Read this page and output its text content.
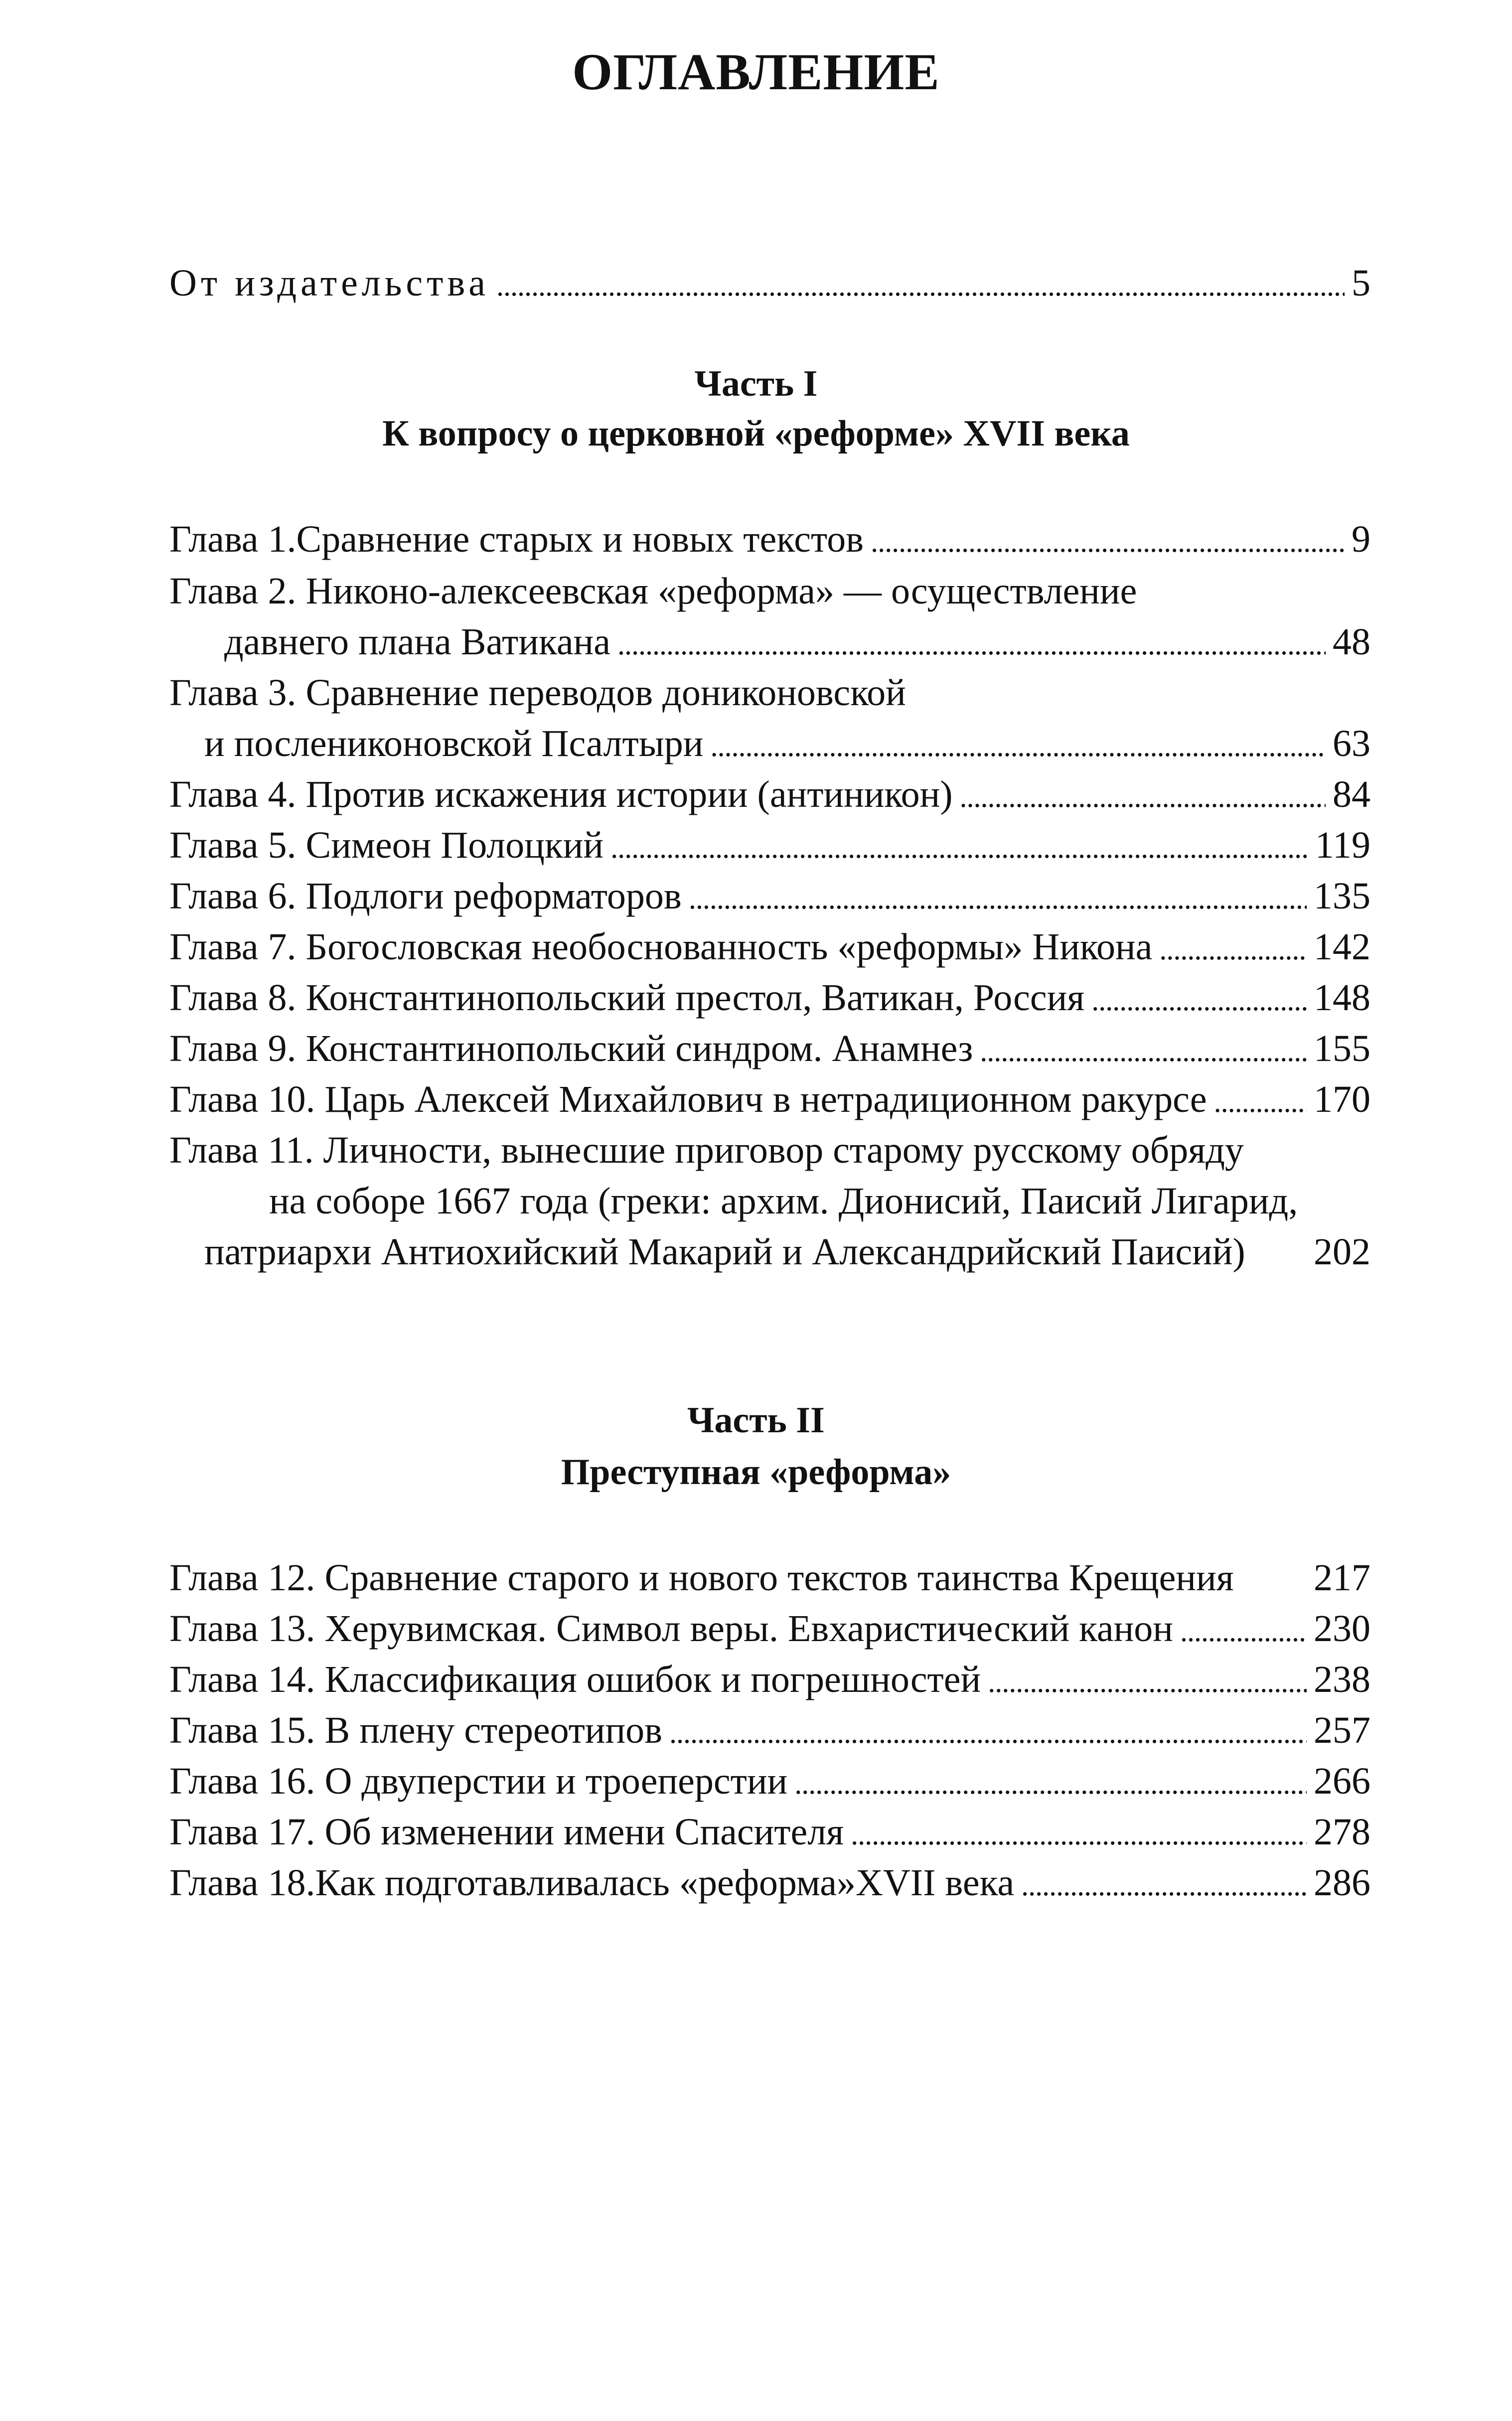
ОГЛАВЛЕНИЕ
От издательства . . .	5
Часть I
К вопросу о церковной «реформе» XVII века
Глава 1.Сравнение старых и новых текстов . . .	9
Глава 2. Никоно-алексеевская «реформа» — осуществление
давнего плана Ватикана . . .	48
Глава 3. Сравнение переводов дониконовской
и послениконовской Псалтыри . . .	63
Глава 4. Против искажения истории (антиникон) . . .	84
Глава 5. Симеон Полоцкий . . .	119
Глава 6. Подлоги реформаторов . . .	135
Глава 7. Богословская необоснованность «реформы» Никона . . .	142
Глава 8. Константинопольский престол, Ватикан, Россия . . .	148
Глава 9. Константинопольский синдром. Анамнез . . .	155
Глава 10. Царь Алексей Михайлович в нетрадиционном ракурсе . . .	170
Глава 11. Личности, вынесшие приговор старому русскому обряду
на соборе 1667 года (греки: архим. Дионисий, Паисий Лигарид,
патриархи Антиохийский Макарий и Александрийский Паисий) 202
Часть II
Преступная «реформа»
Глава 12. Сравнение старого и нового текстов таинства Крещения 217
Глава 13. Херувимская. Символ веры. Евхаристический канон . . .	230
Глава 14. Классификация ошибок и погрешностей . . .	238
Глава 15. В плену стереотипов . . .	257
Глава 16. О двуперстии и троеперстии . . .	266
Глава 17. Об изменении имени Спасителя . . .	278
Глава 18.Как подготавливалась «реформа»XVII века . . .	286
